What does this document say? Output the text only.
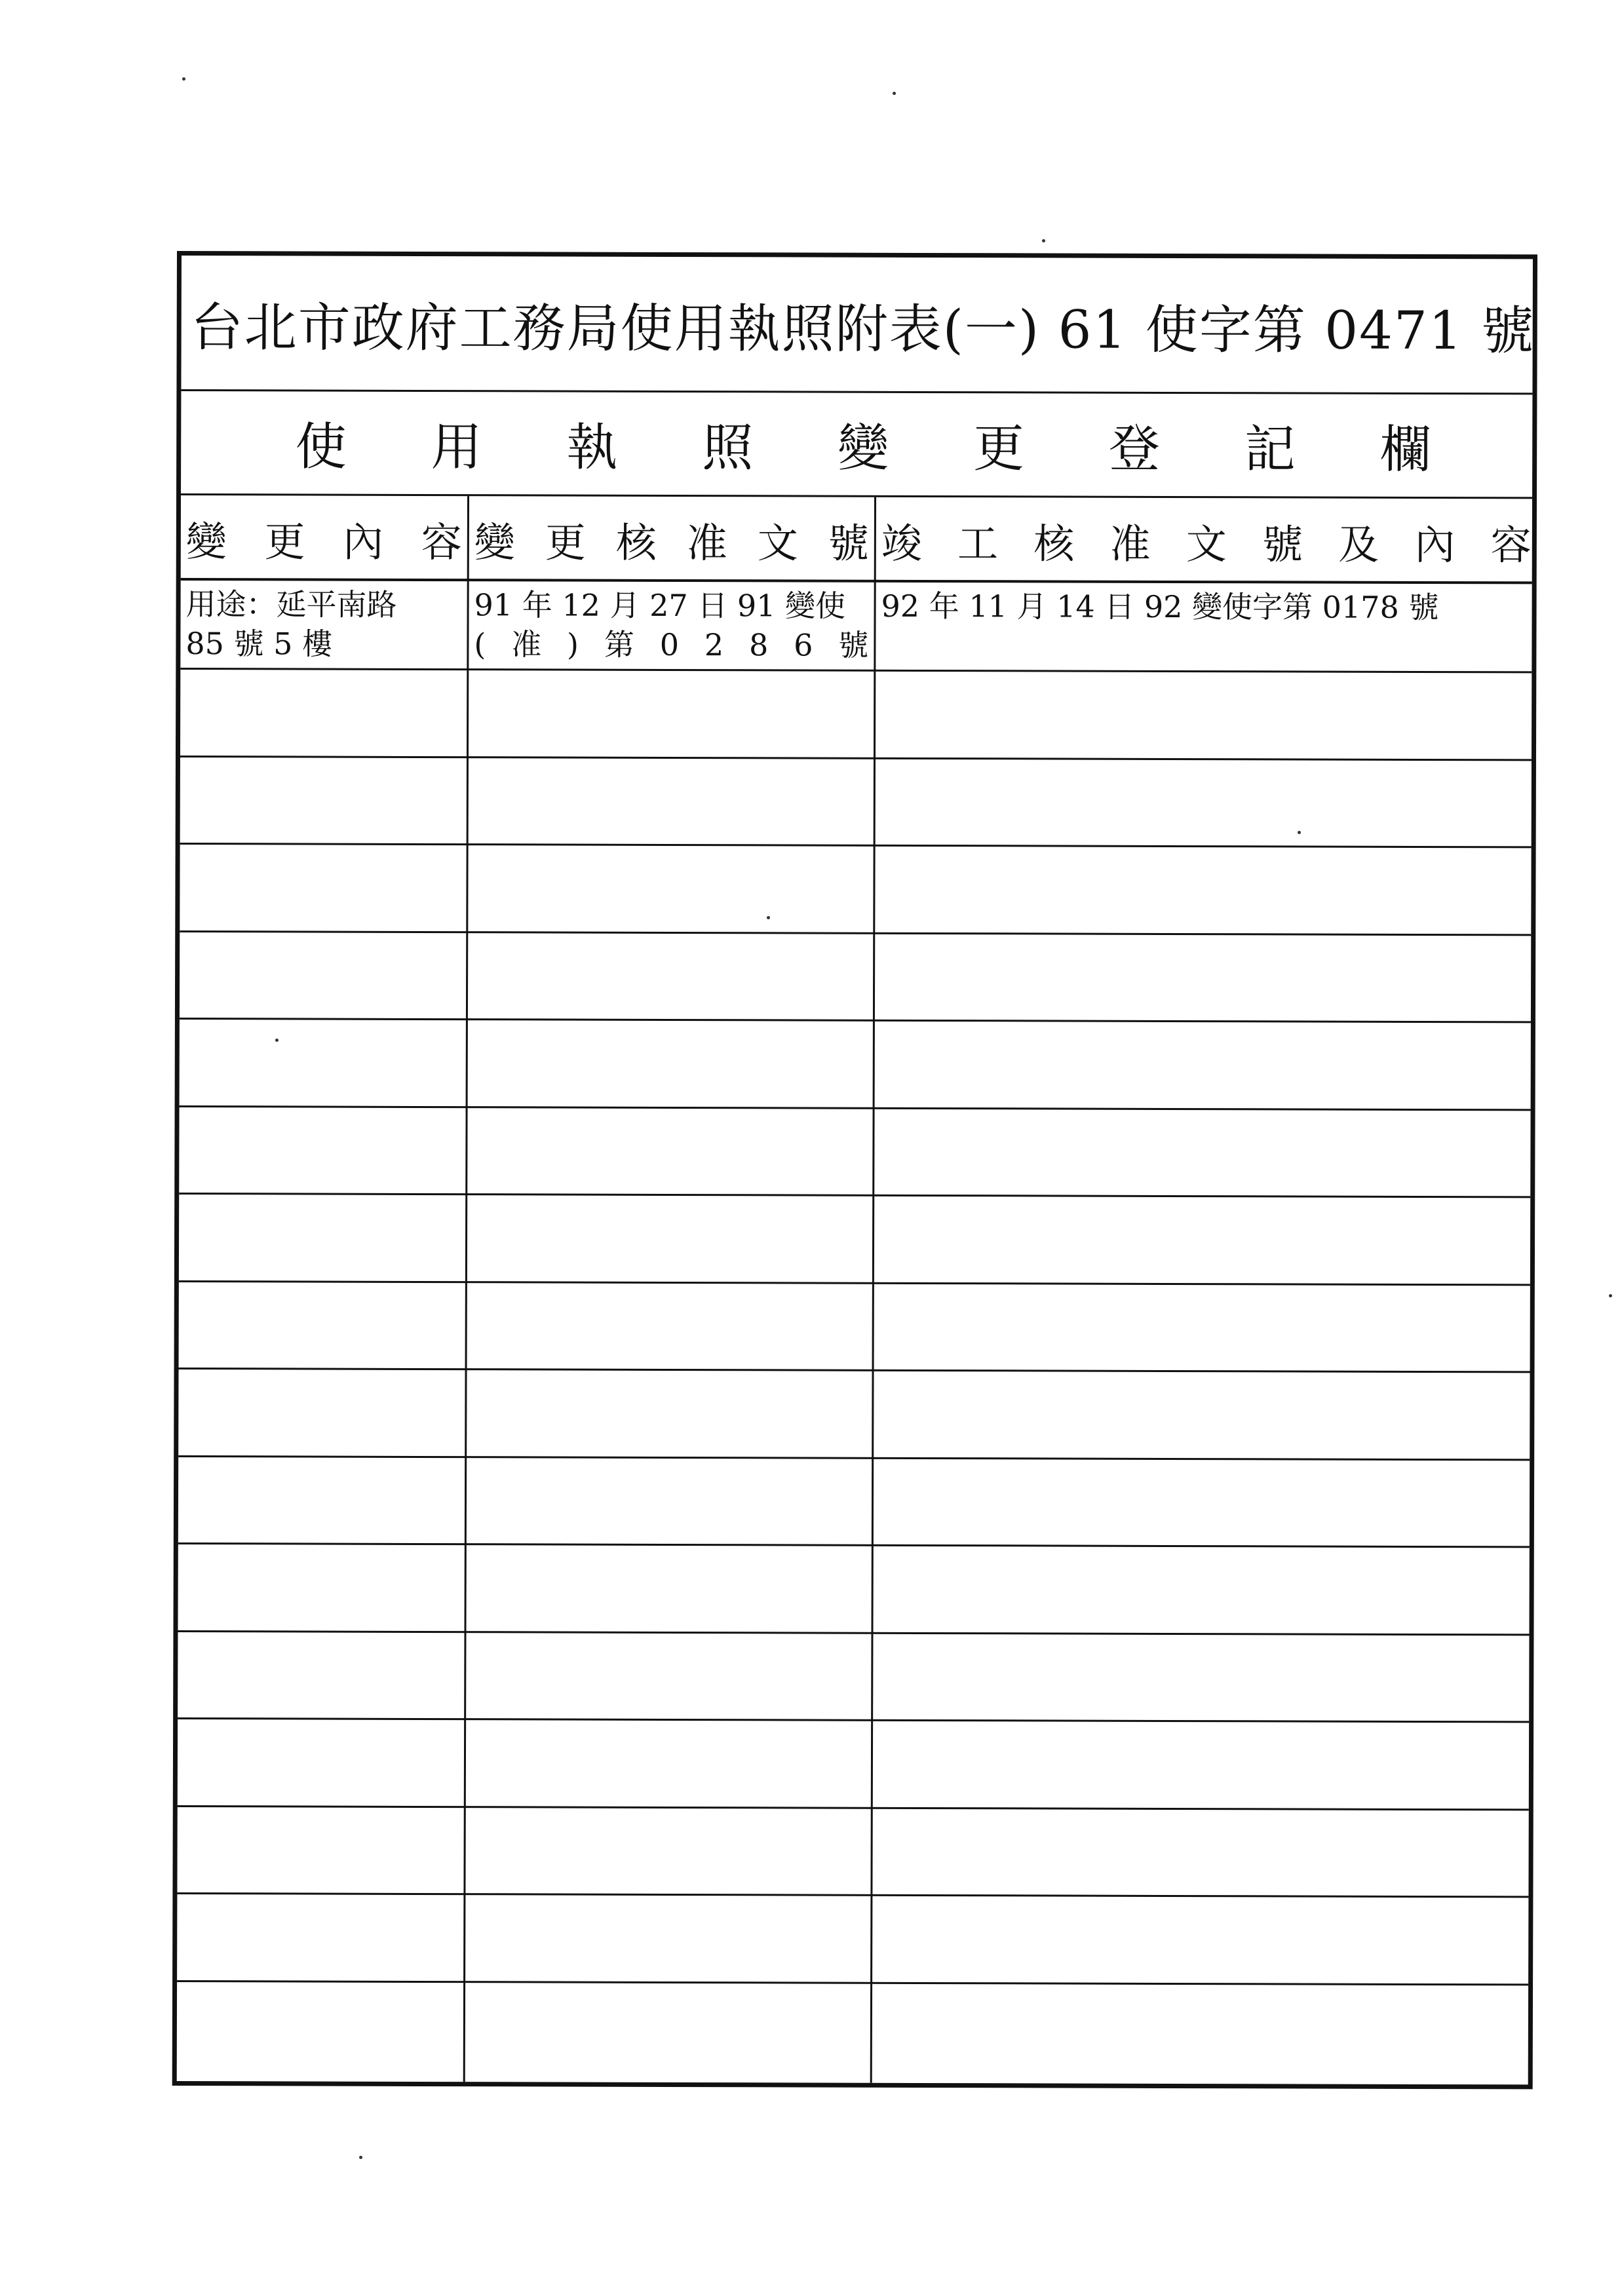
台北市政府工務局使用執照附表(一) 61 使字第 0471 號
使 用 執 照 變 更 登 記 欄
變 更 內 容 變 更 核 准 文 號 竣 工 核 准 文 號 及 內 容
用途：延平南路
85 號 5 樓
91 年 12 月 27 日 91 變使
( 准 ) 第 0 2 8 6 號
92 年 11 月 14 日 92 變使字第 0178 號
